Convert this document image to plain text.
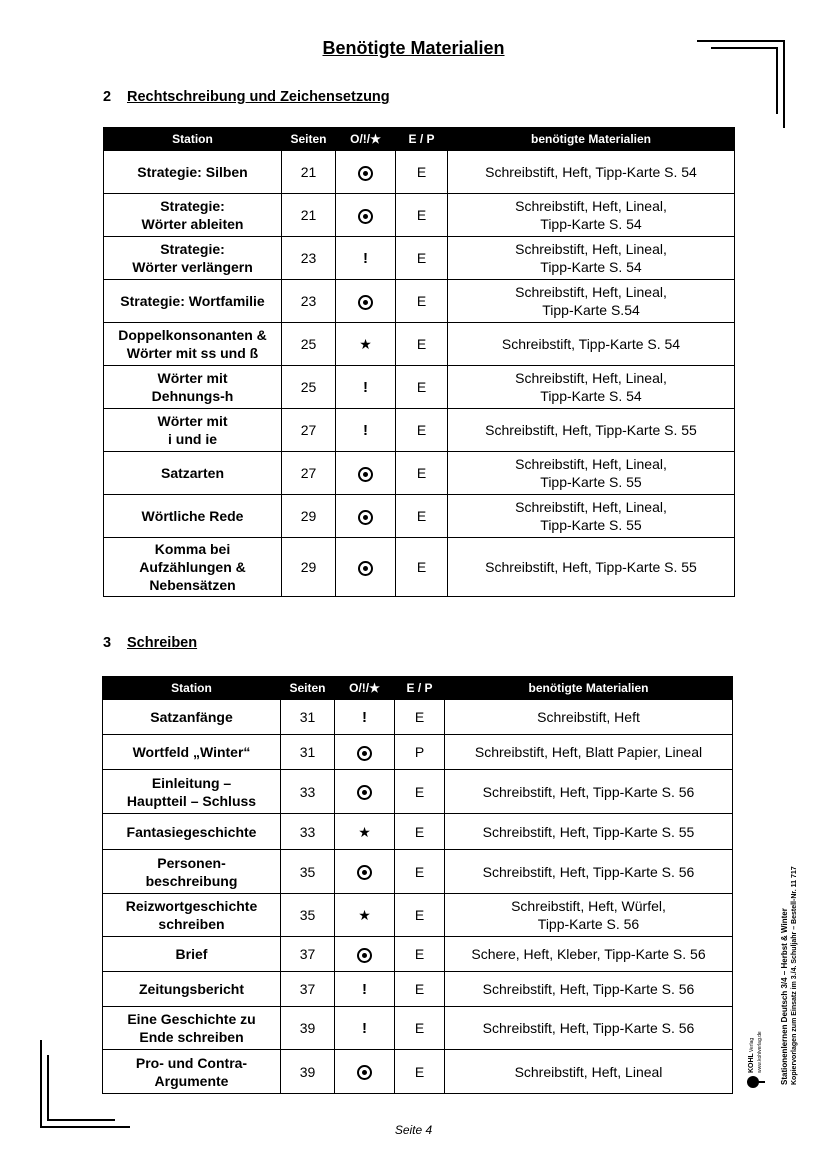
Benötigte Materialien
2 Rechtschreibung und Zeichensetzung
Station	Seiten	O/!/★	E / P	benötigte Materialien
Strategie: Silben	21		E	Schreibstift, Heft, Tipp-Karte S. 54
Strategie:
Wörter ableiten	21		E	Schreibstift, Heft, Lineal,
Tipp-Karte S. 54
Strategie:
Wörter verlängern	23	!	E	Schreibstift, Heft, Lineal,
Tipp-Karte S. 54
Strategie: Wortfamilie	23		E	Schreibstift, Heft, Lineal,
Tipp-Karte S.54
Doppelkonsonanten &
Wörter mit ss und ß	25	★	E	Schreibstift, Tipp-Karte S. 54
Wörter mit
Dehnungs-h	25	!	E	Schreibstift, Heft, Lineal,
Tipp-Karte S. 54
Wörter mit
i und ie	27	!	E	Schreibstift, Heft, Tipp-Karte S. 55
Satzarten	27		E	Schreibstift, Heft, Lineal,
Tipp-Karte S. 55
Wörtliche Rede	29		E	Schreibstift, Heft, Lineal,
Tipp-Karte S. 55
Komma bei
Aufzählungen &
Nebensätzen	29		E	Schreibstift, Heft, Tipp-Karte S. 55
3 Schreiben
Station	Seiten	O/!/★	E / P	benötigte Materialien
Satzanfänge	31	!	E	Schreibstift, Heft
Wortfeld „Winter“	31		P	Schreibstift, Heft, Blatt Papier, Lineal
Einleitung –
Hauptteil – Schluss	33		E	Schreibstift, Heft, Tipp-Karte S. 56
Fantasiegeschichte	33	★	E	Schreibstift, Heft, Tipp-Karte S. 55
Personen-
beschreibung	35		E	Schreibstift, Heft, Tipp-Karte S. 56
Reizwortgeschichte
schreiben	35	★	E	Schreibstift, Heft, Würfel,
Tipp-Karte S. 56
Brief	37		E	Schere, Heft, Kleber, Tipp-Karte S. 56
Zeitungsbericht	37	!	E	Schreibstift, Heft, Tipp-Karte S. 56
Eine Geschichte zu
Ende schreiben	39	!	E	Schreibstift, Heft, Tipp-Karte S. 56
Pro- und Contra-
Argumente	39		E	Schreibstift, Heft, Lineal	KOHL
Verlag www.kohlverlag.de Stationenlernen Deutsch 3/4 – Herbst & Winter Kopiervorlagen zum Einsatz im 3./4. Schuljahr – Bestell-Nr. 11 717
Seite 4
